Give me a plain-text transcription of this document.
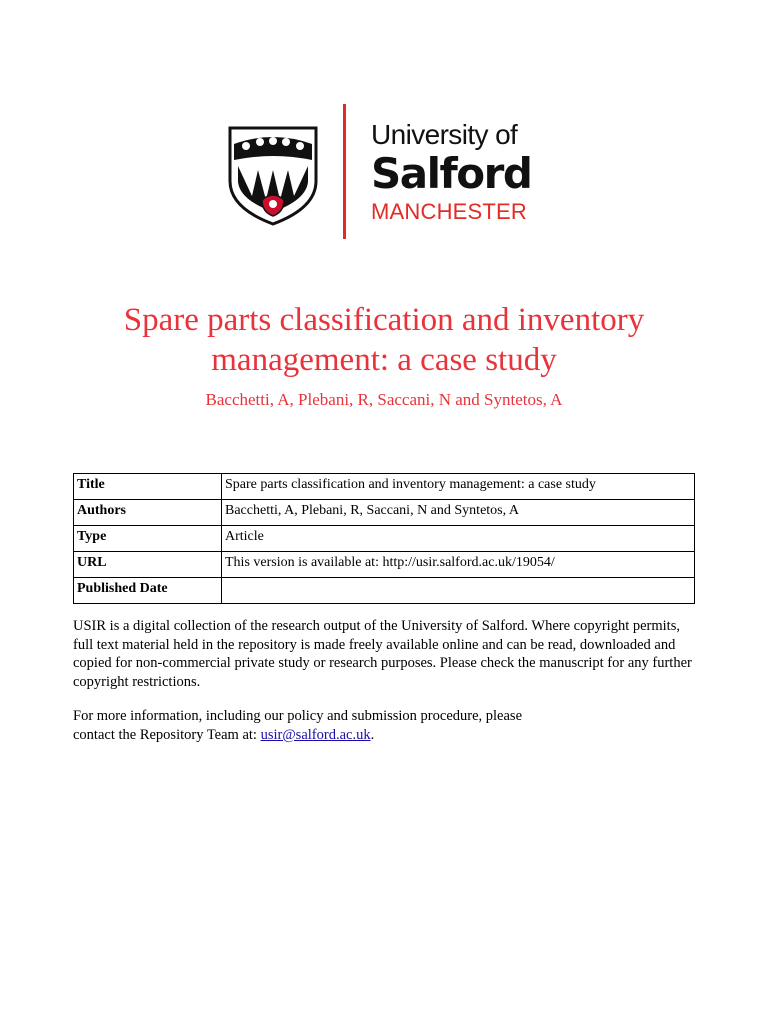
University of
Salford
MANCHESTER
Spare parts classification and inventory management: a case study
Bacchetti, A, Plebani, R, Saccani, N and Syntetos, A
Title	Spare parts classification and inventory management: a case study
Authors	Bacchetti, A, Plebani, R, Saccani, N and Syntetos, A
Type	Article
URL	This version is available at: http://usir.salford.ac.uk/19054/
Published Date	

USIR is a digital collection of the research output of the University of Salford. Where copyright permits, full text material held in the repository is made freely available online and can be read, downloaded and copied for non-commercial private study or research purposes. Please check the manuscript for any further copyright restrictions.

For more information, including our policy and submission procedure, please
contact the Repository Team at: usir@salford.ac.uk.
